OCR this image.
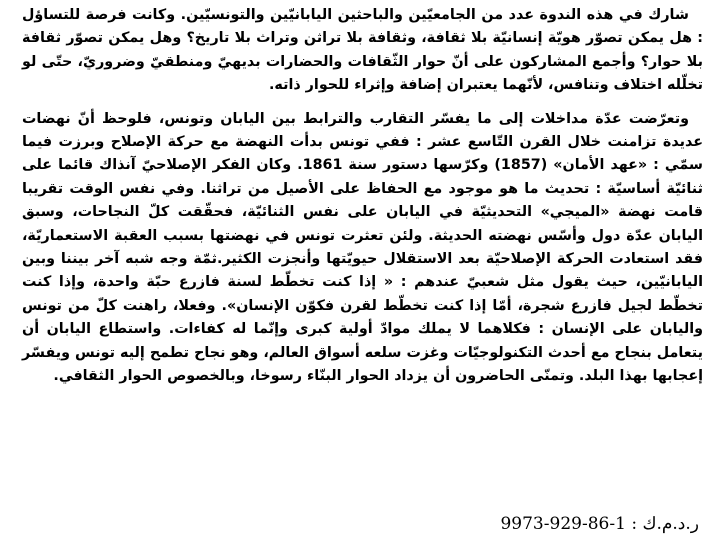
شارك في هذه الندوة عدد من الجامعيّين والباحثين اليابانيّين والتونسيّين. وكانت فرصة للتساؤل : هل يمكن تصوّر هويّة إنسانيّة بلا ثقافة، وثقافة بلا تراثن وتراث بلا تاريخ؟ وهل يمكن تصوّر ثقافة بلا حوار؟ وأجمع المشاركون على أنّ حوار الثّقافات والحضارات بديهيّ ومنطقيّ وضروريّ، حتّى لو تخلّله اختلاف وتنافس، لأنّهما يعتبران إضافة وإثراء للحوار ذاته.

وتعرّضت عدّة مداخلات إلى ما يفسّر التقارب والترابط بين اليابان وتونس، فلوحظ أنّ نهضات عديدة تزامنت خلال القرن التّاسع عشر : ففي تونس بدأت النهضة مع حركة الإصلاح وبرزت فيما سمّي : «عهد الأمان» (1857) وكرّسها دستور سنة 1861. وكان الفكر الإصلاحيّ آنذاك قائما على ثنائيّة أساسيّة : تحديث ما هو موجود مع الحفاظ على الأصيل من تراثنا. وفي نفس الوقت تقريبا قامت نهضة «الميجي» التحديثيّة في اليابان على نفس الثنائيّة، فحقّقت كلّ النجاحات، وسبق اليابان عدّة دول وأسّس نهضته الحديثة. ولئن تعثرت تونس في نهضتها بسبب العقبة الاستعماريّة، فقد استعادت الحركة الإصلاحيّة بعد الاستقلال حيويّتها وأنجزت الكثير.ثمّة وجه شبه آخر بيننا وبين اليابانيّين، حيث يقول مثل شعبيّ عندهم : « إذا كنت تخطّط لسنة فازرع حبّة واحدة، وإذا كنت تخطّط لجيل فازرع شجرة، أمّا إذا كنت تخطّط لقرن فكوّن الإنسان». وفعلا، راهنت كلّ من تونس واليابان على الإنسان : فكلاهما لا يملك موادّ أولية كبرى وإنّما له كفاءات. واستطاع اليابان أن يتعامل بنجاح مع أحدث التكنولوجيّات وغزت سلعه أسواق العالم، وهو نجاح تطمح إليه تونس ويفسّر إعجابها بهذا البلد. وتمنّى الحاضرون أن يزداد الحوار البنّاء رسوخا، وبالخصوص الحوار الثقافي.

ر.د.م.ك : 1-86-929-9973
